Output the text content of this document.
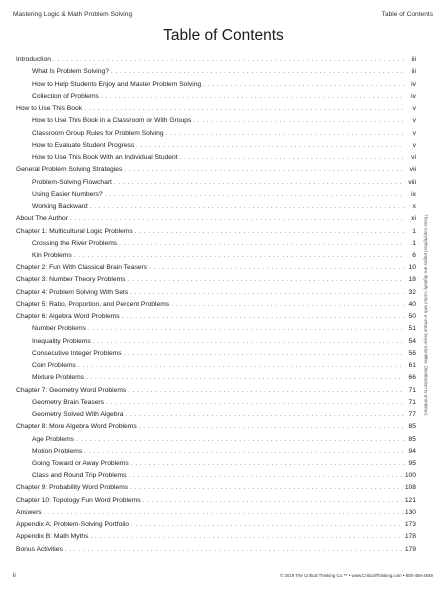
Mastering Logic & Math Problem Solving	Table of Contents
Table of Contents
Introduction . . .	iii
What Is Problem Solving? . . .	iii
How to Help Students Enjoy and Master Problem Solving . . .	iv
Collection of Problems . . .	iv
How to Use This Book . . .	v
How to Use This Book in a Classroom or With Groups . . .	v
Classroom Group Rules for Problem Solving . . .	v
How to Evaluate Student Progress . . .	v
How to Use This Book With an Individual Student . . .	vi
General Problem Solving Strategies . . .	vii
Problem-Solving Flowchart . . .	viii
Using Easier Numbers? . . .	ix
Working Backward . . .	x
About The Author . . .	xi
Chapter 1: Multicultural Logic Problems . . .	1
Crossing the River Problems . . .	1
Kin Problems . . .	6
Chapter 2: Fun With Classical Brain Teasers . . .	10
Chapter 3: Number Theory Problems . . .	18
Chapter 4: Problem Solving With Sets . . .	32
Chapter 5: Ratio, Proportion, and Percent Problems . . .	40
Chapter 6: Algebra Word Problems . . .	50
Number Problems . . .	51
Inequality Problems . . .	54
Consecutive Integer Problems . . .	56
Coin Problems . . .	61
Mixture Problems . . .	66
Chapter 7: Geometry Word Problems . . .	71
Geometry Brain Teasers . . .	71
Geometry Solved With Algebra . . .	77
Chapter 8: More Algebra Word Problems . . .	85
Age Problems . . .	85
Motion Problems . . .	94
Going Toward or Away Problems . . .	95
Class and Round Trip Problems . . .	100
Chapter 9: Probability Word Problems . . .	108
Chapter 10: Topology Fun Word Problems . . .	121
Answers . . .	130
Appendix A: Problem-Solving Portfolio . . .	173
Appendix B: Math Myths . . .	178
Bonus Activities . . .	179
These copyrighted pages are digitally coded with a unique buyer identifier. Distribution is prohibited.
ii	© 2019 The Critical Thinking Co.™ • www.CriticalThinking.com • 800-458-4849
